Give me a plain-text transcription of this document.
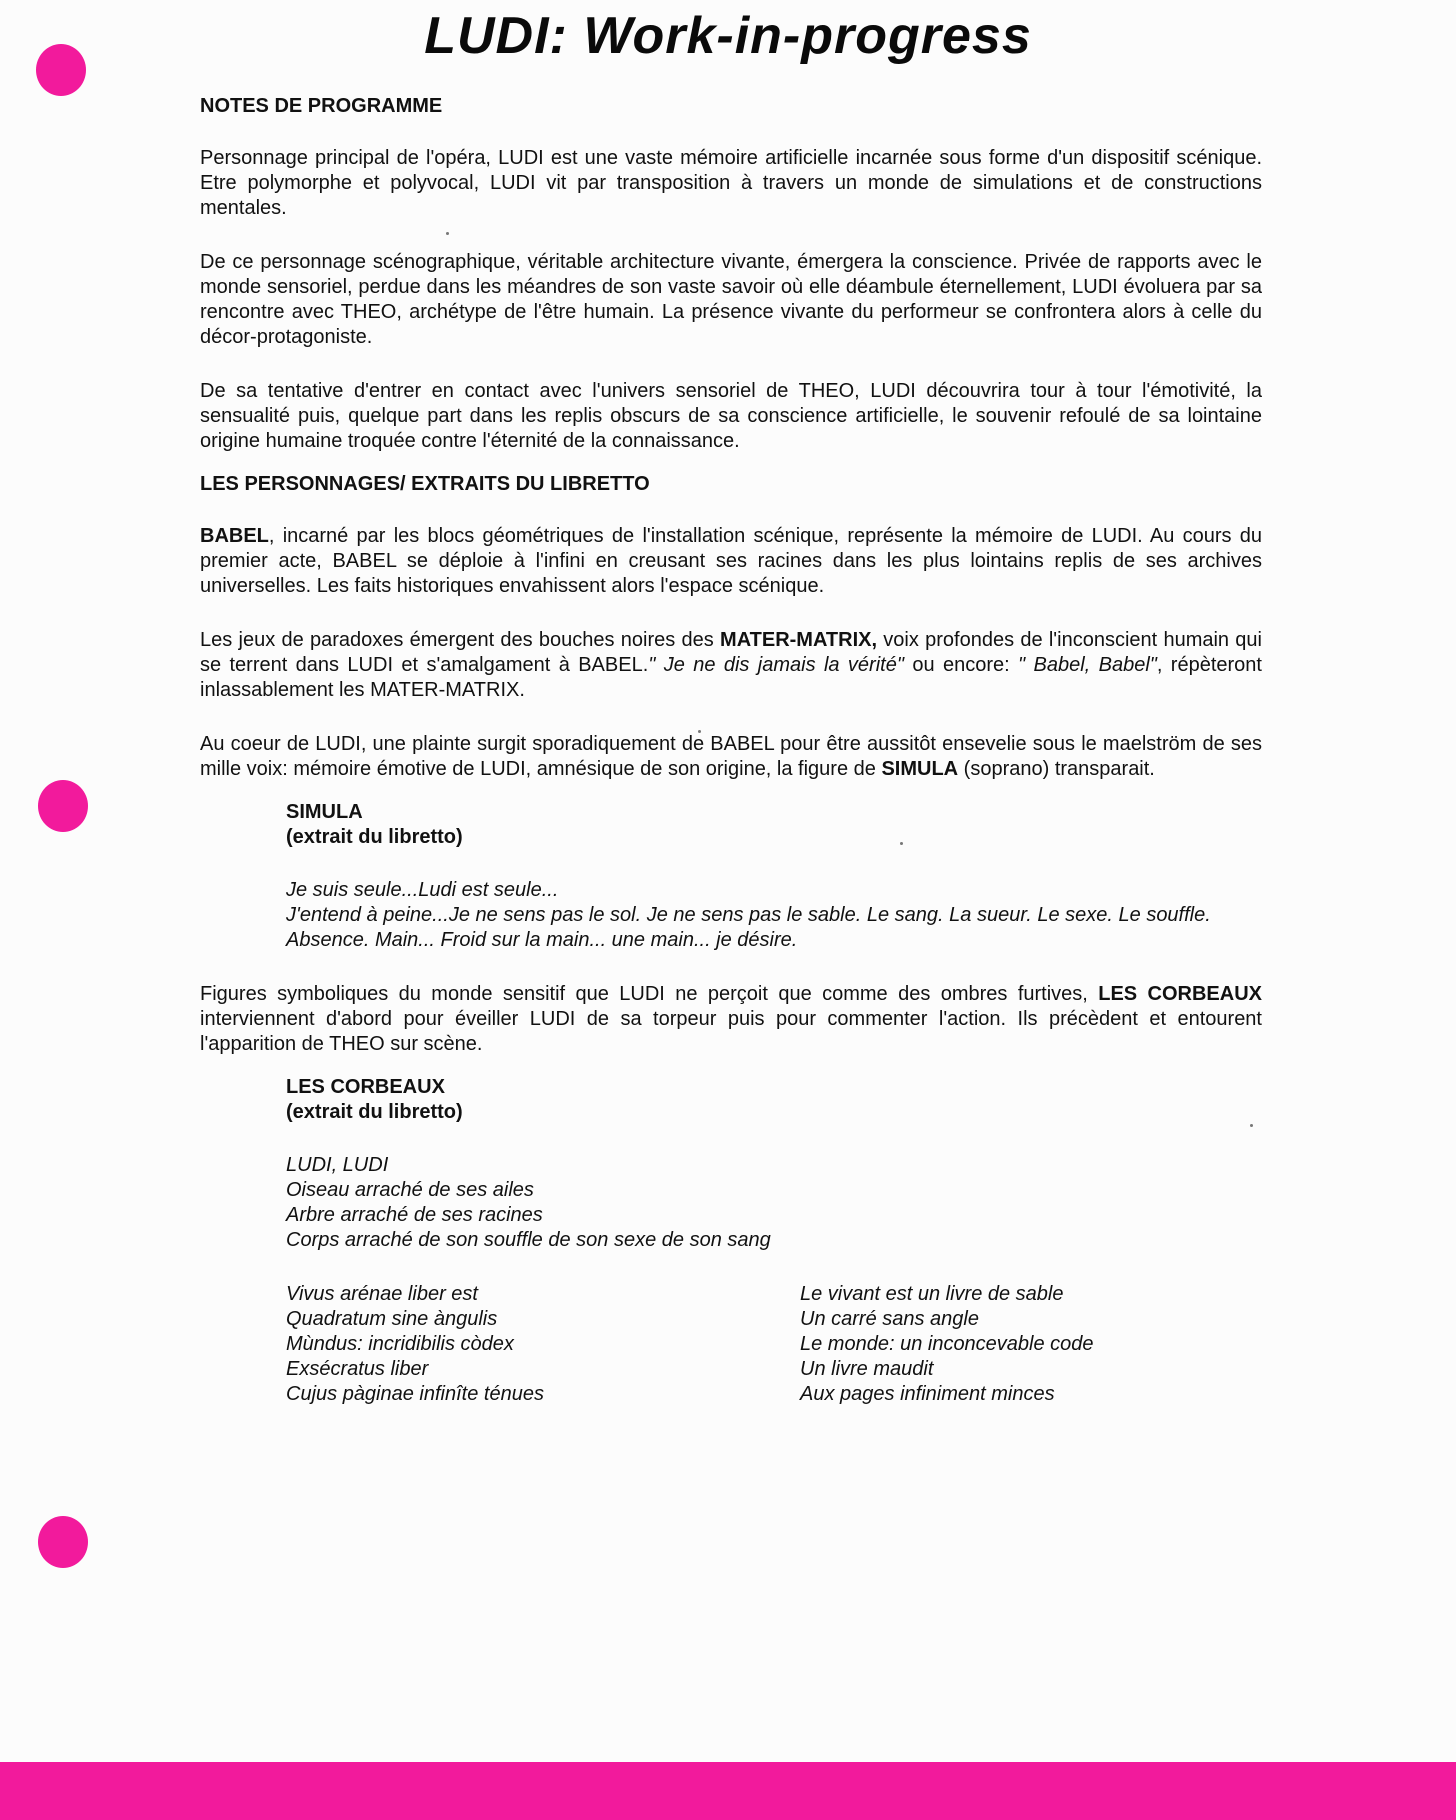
LUDI: Work-in-progress
NOTES DE PROGRAMME

Personnage principal de l'opéra, LUDI est une vaste mémoire artificielle incarnée sous forme d'un dispositif scénique. Etre polymorphe et polyvocal, LUDI vit par transposition à travers un monde de simulations et de constructions mentales.

De ce personnage scénographique, véritable architecture vivante, émergera la conscience. Privée de rapports avec le monde sensoriel, perdue dans les méandres de son vaste savoir où elle déambule éternellement, LUDI évoluera par sa rencontre avec THEO, archétype de l'être humain. La présence vivante du performeur se confrontera alors à celle du décor-protagoniste.

De sa tentative d'entrer en contact avec l'univers sensoriel de THEO, LUDI découvrira tour à tour l'émotivité, la sensualité puis, quelque part dans les replis obscurs de sa conscience artificielle, le souvenir refoulé de sa lointaine origine humaine troquée contre l'éternité de la connaissance.

LES PERSONNAGES/ EXTRAITS DU LIBRETTO

BABEL, incarné par les blocs géométriques de l'installation scénique, représente la mémoire de LUDI. Au cours du premier acte, BABEL se déploie à l'infini en creusant ses racines dans les plus lointains replis de ses archives universelles. Les faits historiques envahissent alors l'espace scénique.

Les jeux de paradoxes émergent des bouches noires des MATER-MATRIX, voix profondes de l'inconscient humain qui se terrent dans LUDI et s'amalgament à BABEL." Je ne dis jamais la vérité" ou encore: " Babel, Babel", répèteront inlassablement les MATER-MATRIX.

Au coeur de LUDI, une plainte surgit sporadiquement de BABEL pour être aussitôt ensevelie sous le maelström de ses mille voix: mémoire émotive de LUDI, amnésique de son origine, la figure de SIMULA (soprano) transparait.

SIMULA
(extrait du libretto)
Je suis seule...Ludi est seule...
J'entend à peine...Je ne sens pas le sol. Je ne sens pas le sable. Le sang. La sueur. Le sexe. Le souffle.
Absence. Main... Froid sur la main... une main... je désire.

Figures symboliques du monde sensitif que LUDI ne perçoit que comme des ombres furtives, LES CORBEAUX interviennent d'abord pour éveiller LUDI de sa torpeur puis pour commenter l'action. Ils précèdent et entourent l'apparition de THEO sur scène.

LES CORBEAUX
(extrait du libretto)
LUDI, LUDI
Oiseau arraché de ses ailes
Arbre arraché de ses racines
Corps arraché de son souffle de son sexe de son sang
Vivus arénae liber est
Quadratum sine àngulis
Mùndus: incridibilis còdex
Exsécratus liber
Cujus pàginae infinîte ténues
Le vivant est un livre de sable
Un carré sans angle
Le monde: un inconcevable code
Un livre maudit
Aux pages infiniment minces
